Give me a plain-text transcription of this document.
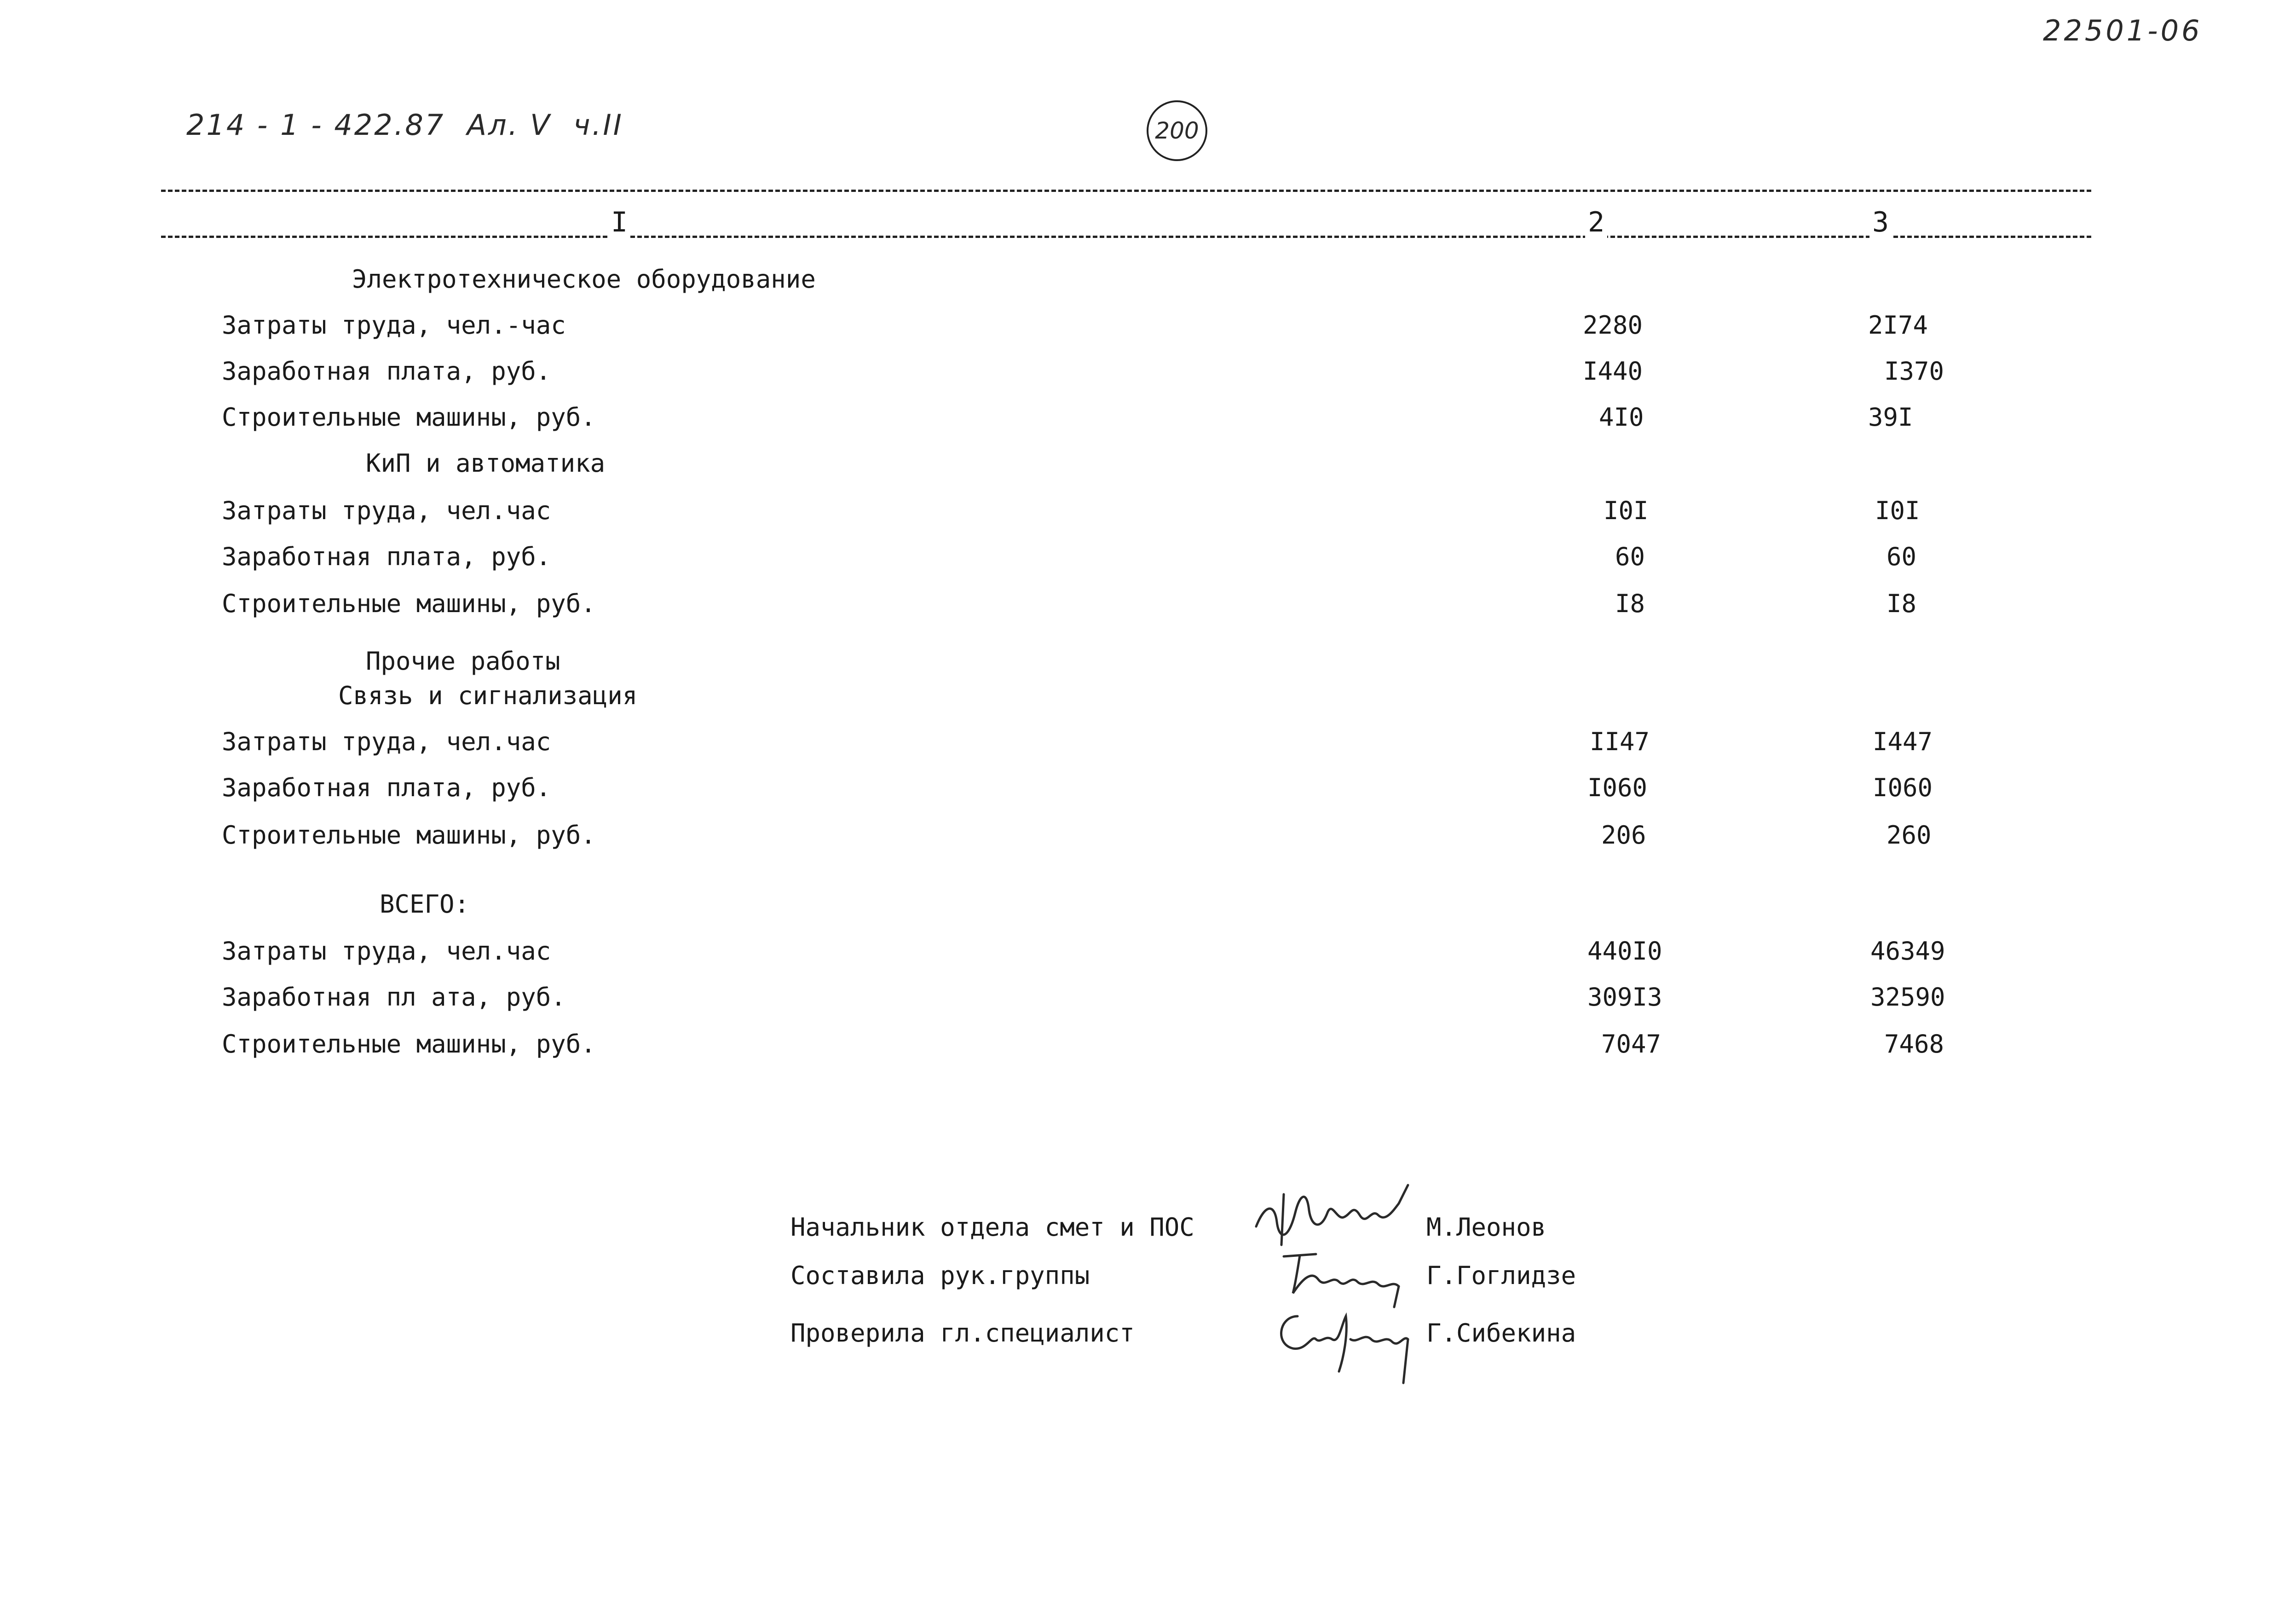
214 - 1 - 422.87  Ал. V  ч.II
22501-06
200
I	2	3
Электротехническое оборудование
Затраты труда, чел.-час	2280	2I74
Заработная плата, руб.	I440	I370
Строительные машины, руб.	4I0	39I
КиП и автоматика
Затраты труда, чел.час	I0I	I0I
Заработная плата, руб.	60	60
Строительные машины, руб.	I8	I8
Прочие работы
Связь и сигнализация
Затраты труда, чел.час	II47	I447
Заработная плата, руб.	I060	I060
Строительные машины, руб.	206	260
ВСЕГО:
Затраты труда, чел.час	440I0	46349
Заработная пл ата, руб.	309I3	32590
Строительные машины, руб.	7047	7468
Начальник отдела смет и ПОС	М.Леонов
Составила рук.группы	Г.Гоглидзе
Проверила гл.специалист	Г.Сибекина
